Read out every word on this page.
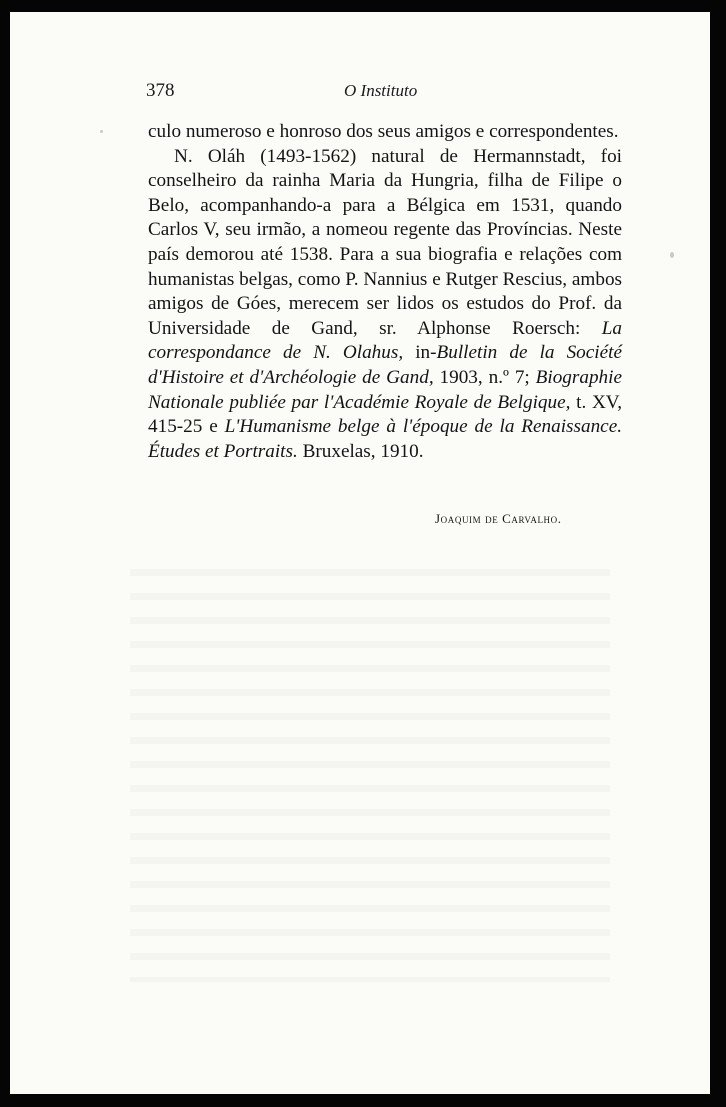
378	O Instituto

culo numeroso e honroso dos seus amigos e correspondentes.

N. Oláh (1493-1562) natural de Hermannstadt, foi conselheiro da rainha Maria da Hungria, filha de Filipe o Belo, acompanhando-a para a Bélgica em 1531, quando Carlos V, seu irmão, a nomeou regente das Províncias. Neste país demorou até 1538. Para a sua biografia e relações com humanistas belgas, como P. Nannius e Rutger Rescius, ambos amigos de Góes, merecem ser lidos os estudos do Prof. da Universidade de Gand, sr. Alphonse Roersch: La correspondance de N. Olahus, in-Bulletin de la Société d'Histoire et d'Archéologie de Gand, 1903, n.º 7; Biographie Nationale publiée par l'Académie Royale de Belgique, t. XV, 415-25 e L'Humanisme belge à l'époque de la Renaissance. Études et Portraits. Bruxelas, 1910.

Joaquim de Carvalho.
